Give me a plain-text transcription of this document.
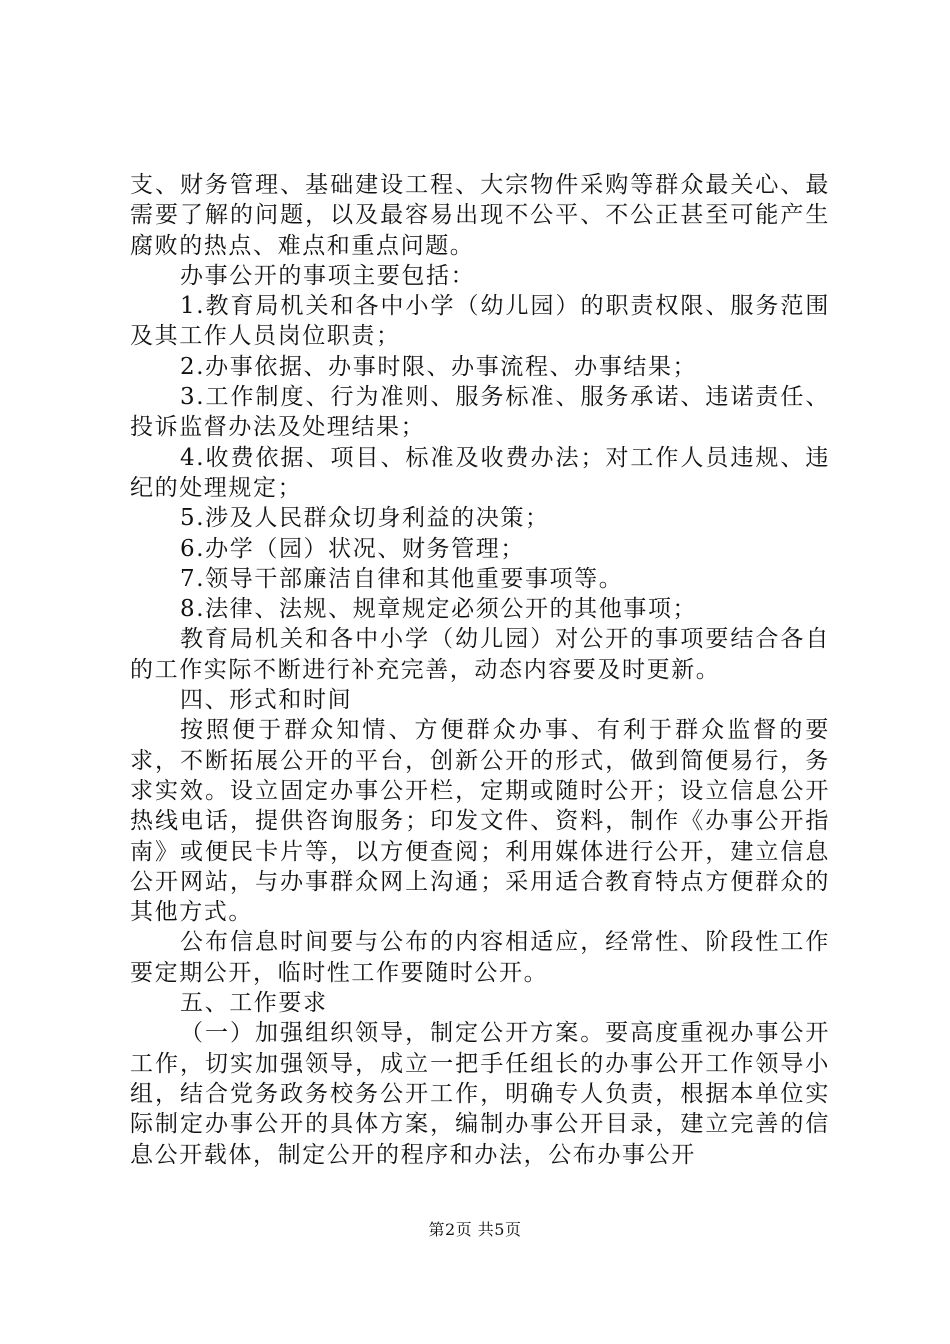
支、财务管理、基础建设工程、大宗物件采购等群众最关心、最需要了解的问题，以及最容易出现不公平、不公正甚至可能产生腐败的热点、难点和重点问题。

办事公开的事项主要包括：

1.教育局机关和各中小学（幼儿园）的职责权限、服务范围及其工作人员岗位职责；

2.办事依据、办事时限、办事流程、办事结果；

3.工作制度、行为准则、服务标准、服务承诺、违诺责任、投诉监督办法及处理结果；

4.收费依据、项目、标准及收费办法；对工作人员违规、违纪的处理规定；

5.涉及人民群众切身利益的决策；

6.办学（园）状况、财务管理；

7.领导干部廉洁自律和其他重要事项等。

8.法律、法规、规章规定必须公开的其他事项；

教育局机关和各中小学（幼儿园）对公开的事项要结合各自的工作实际不断进行补充完善，动态内容要及时更新。

四、形式和时间

按照便于群众知情、方便群众办事、有利于群众监督的要求，不断拓展公开的平台，创新公开的形式，做到简便易行，务求实效。设立固定办事公开栏，定期或随时公开；设立信息公开热线电话，提供咨询服务；印发文件、资料，制作《办事公开指南》或便民卡片等，以方便查阅；利用媒体进行公开，建立信息公开网站，与办事群众网上沟通；采用适合教育特点方便群众的其他方式。

公布信息时间要与公布的内容相适应，经常性、阶段性工作要定期公开，临时性工作要随时公开。

五、工作要求

（一）加强组织领导，制定公开方案。要高度重视办事公开工作，切实加强领导，成立一把手任组长的办事公开工作领导小组，结合党务政务校务公开工作，明确专人负责，根据本单位实际制定办事公开的具体方案，编制办事公开目录，建立完善的信息公开载体，制定公开的程序和办法，公布办事公开

第2页 共5页
